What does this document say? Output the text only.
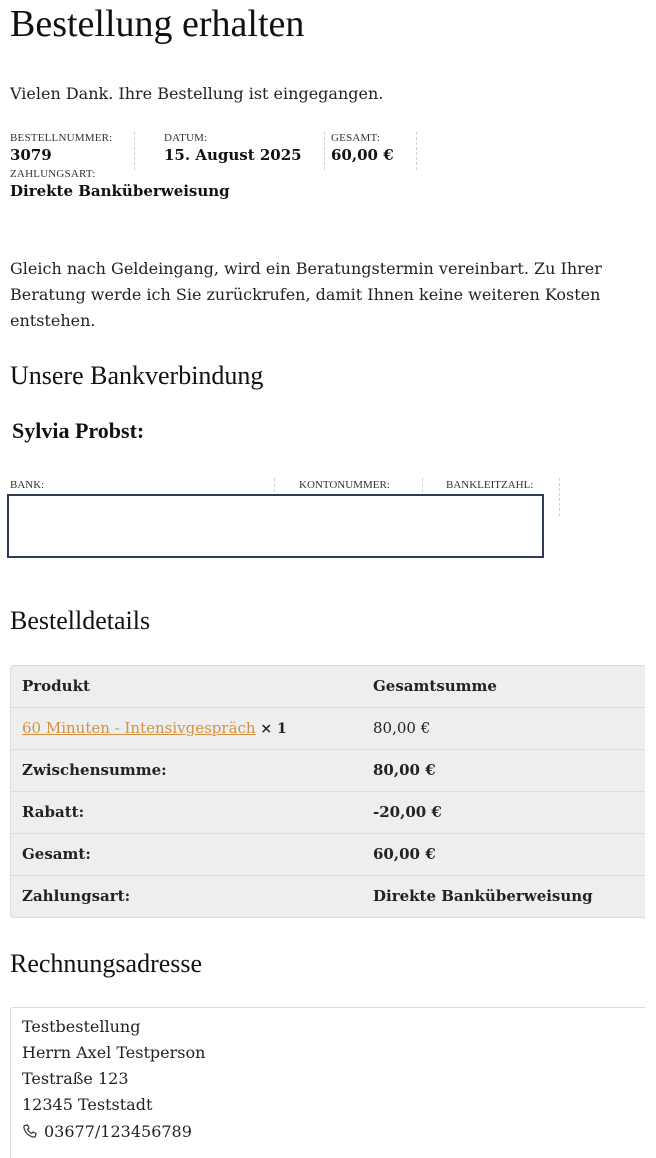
Bestellung erhalten
Vielen Dank. Ihre Bestellung ist eingegangen.
BESTELLNUMMER:
3079
DATUM:
15. August 2025
GESAMT:
60,00 €
ZAHLUNGSART:
Direkte Banküberweisung
Gleich nach Geldeingang, wird ein Beratungstermin vereinbart. Zu Ihrer Beratung werde ich Sie zurückrufen, damit Ihnen keine weiteren Kosten entstehen.
Unsere Bankverbindung
Sylvia Probst:
BANK:	KONTONUMMER:	BANKLEITZAHL:
Bestelldetails
Produkt	Gesamtsumme
60 Minuten - Intensivgespräch × 1	80,00 €
Zwischensumme:	80,00 €
Rabatt:	-20,00 €
Gesamt:	60,00 €
Zahlungsart:	Direkte Banküberweisung
Rechnungsadresse
Testbestellung
Herrn Axel Testperson
Testraße 123
12345 Teststadt
03677/123456789
